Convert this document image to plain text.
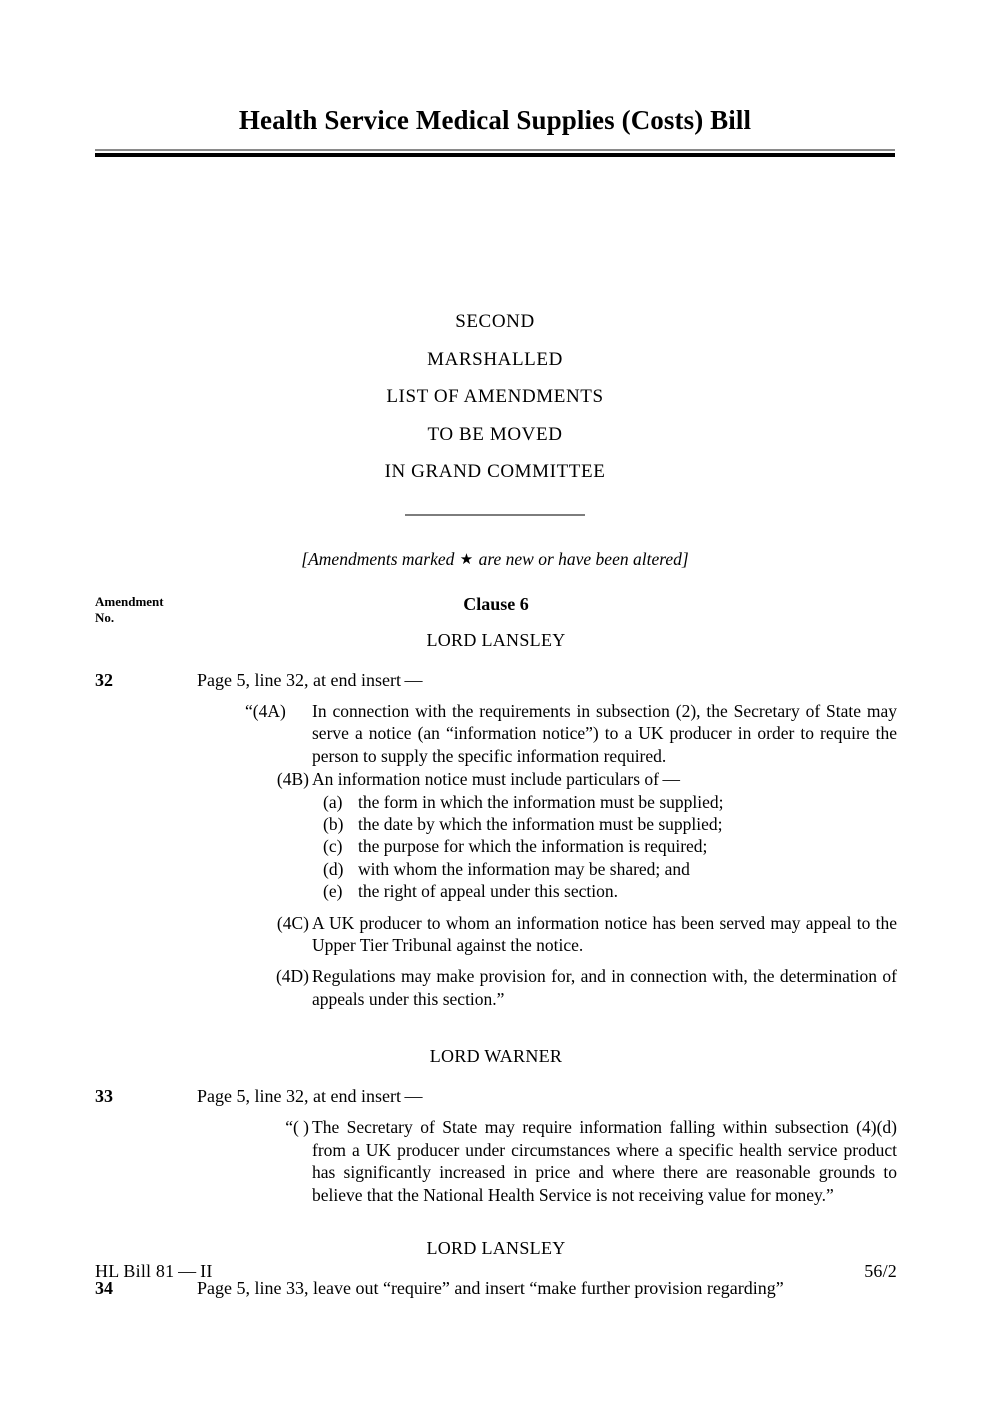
Health Service Medical Supplies (Costs) Bill
SECOND
MARSHALLED
LIST OF AMENDMENTS
TO BE MOVED
IN GRAND COMMITTEE
[Amendments marked ★ are new or have been altered]
Amendment
No.
Clause 6
LORD LANSLEY
32	Page 5, line 32, at end insert —

“(4A)	In connection with the requirements in subsection (2), the Secretary of State may serve a notice (an “information notice”) to a UK producer in order to require the person to supply the specific information required.

(4B) An information notice must include particulars of —

(a) the form in which the information must be supplied;
(b) the date by which the information must be supplied;
(c) the purpose for which the information is required;
(d) with whom the information may be shared; and
(e) the right of appeal under this section.

(4C) A UK producer to whom an information notice has been served may appeal to the Upper Tier Tribunal against the notice.

(4D) Regulations may make provision for, and in connection with, the determination of appeals under this section.”

LORD WARNER
33	Page 5, line 32, at end insert —

“( ) The Secretary of State may require information falling within subsection (4)(d) from a UK producer under circumstances where a specific health service product has significantly increased in price and where there are reasonable grounds to believe that the National Health Service is not receiving value for money.”

LORD LANSLEY
34	Page 5, line 33, leave out “require” and insert “make further provision regarding”
HL Bill 81 — II	56/2
